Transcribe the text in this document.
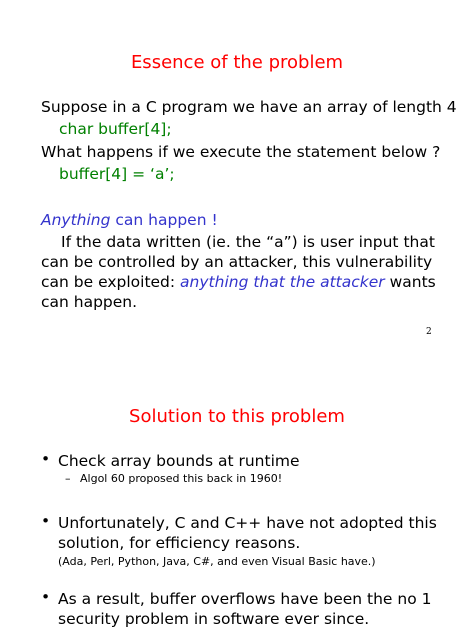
Essence of the problem
Suppose in a C program we have an array of length 4
char buffer[4];
What happens if we execute the statement below ?
buffer[4] = ‘a’;
Anything can happen !
If the data written (ie. the “a”) is user input that
can be controlled by an attacker, this vulnerability
can be exploited: anything that the attacker wants
can happen.
2
Solution to this problem
• Check array bounds at runtime
– Algol 60 proposed this back in 1960!
• Unfortunately, C and C++ have not adopted this
solution, for efficiency reasons.
(Ada, Perl, Python, Java, C#, and even Visual Basic have.)
• As a result, buffer overflows have been the no 1
security problem in software ever since.
